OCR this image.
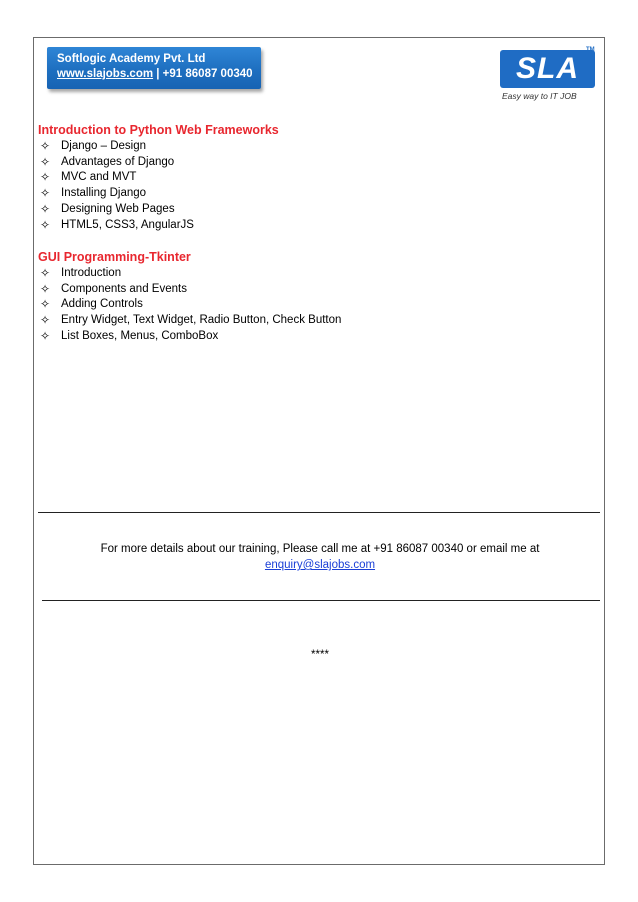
Softlogic Academy Pvt. Ltd
www.slajobs.com | +91 86087 00340	SLA
TM
Easy way to IT JOB
Introduction to Python Web Frameworks
✧ Django – Design
✧ Advantages of Django
✧ MVC and MVT
✧ Installing Django
✧ Designing Web Pages
✧ HTML5, CSS3, AngularJS
GUI Programming-Tkinter
✧ Introduction
✧ Components and Events
✧ Adding Controls
✧ Entry Widget, Text Widget, Radio Button, Check Button
✧ List Boxes, Menus, ComboBox
For more details about our training, Please call me at +91 86087 00340 or email me at
enquiry@slajobs.com
****
